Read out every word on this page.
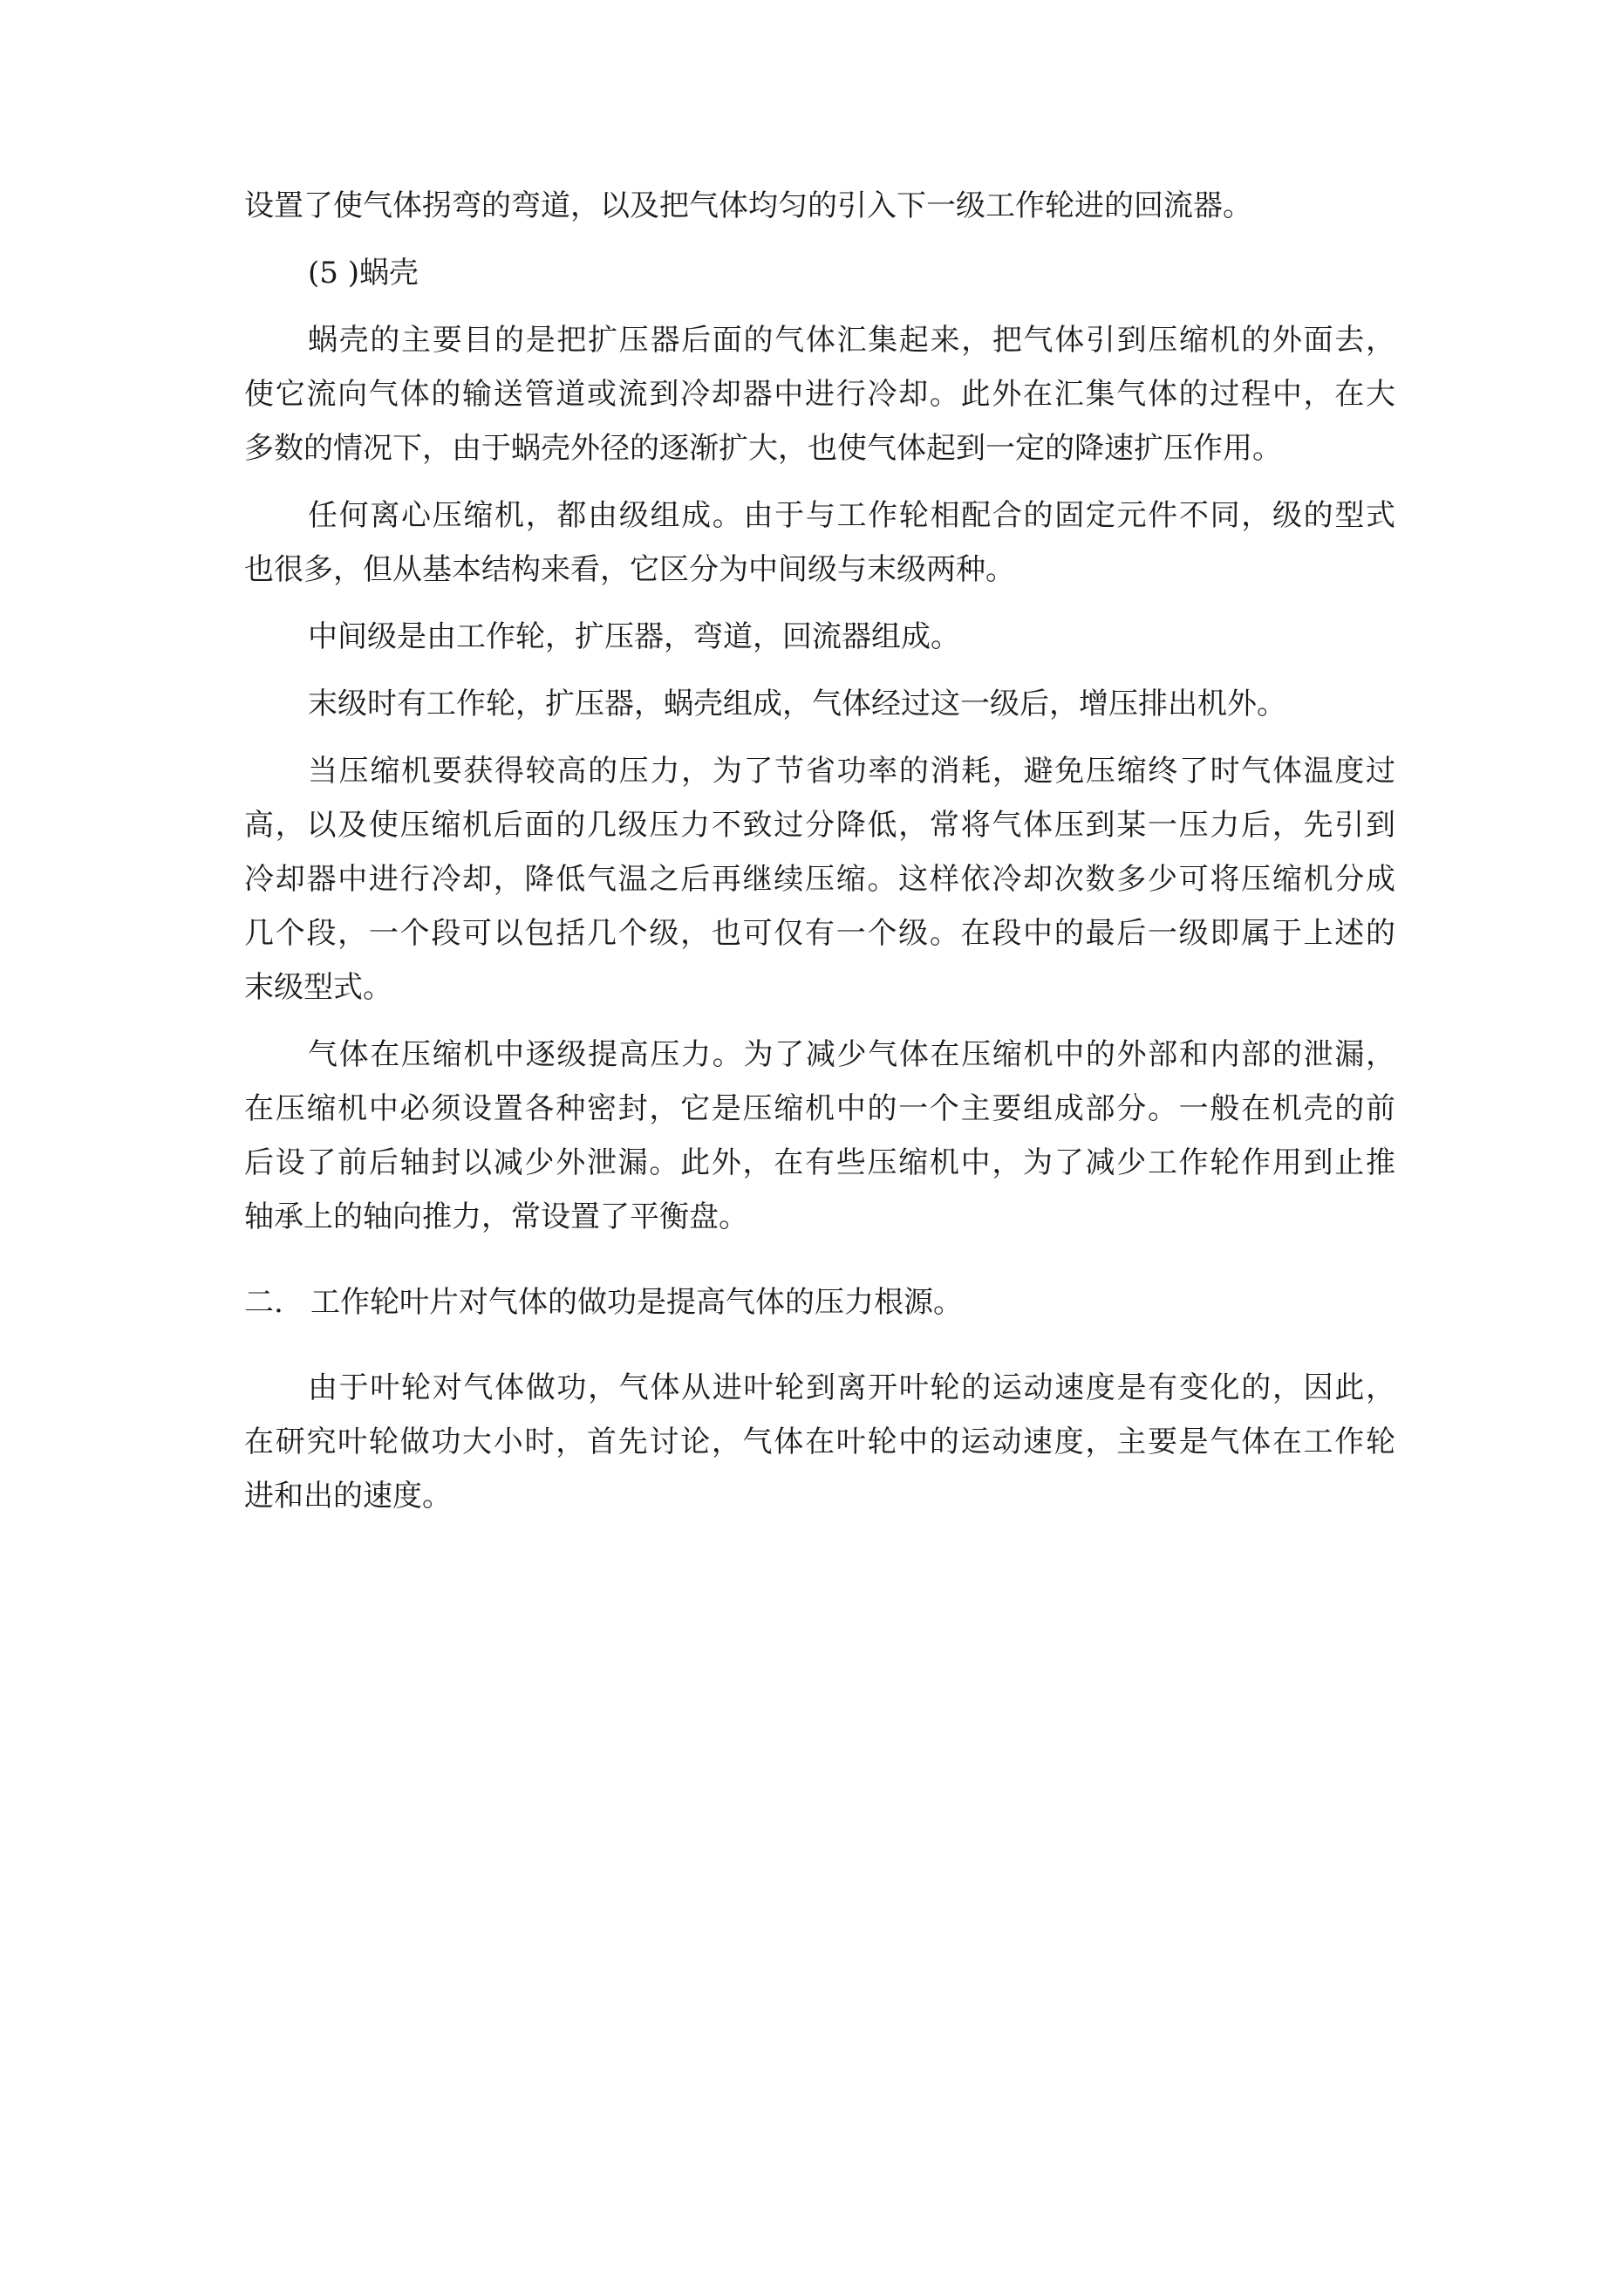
设置了使气体拐弯的弯道，以及把气体均匀的引入下一级工作轮进的回流器。
(5 )蜗壳
蜗壳的主要目的是把扩压器后面的气体汇集起来，把气体引到压缩机的外面去，
使它流向气体的输送管道或流到冷却器中进行冷却。此外在汇集气体的过程中，在大
多数的情况下，由于蜗壳外径的逐渐扩大，也使气体起到一定的降速扩压作用。
任何离心压缩机，都由级组成。由于与工作轮相配合的固定元件不同，级的型式
也很多，但从基本结构来看，它区分为中间级与末级两种。
中间级是由工作轮，扩压器，弯道，回流器组成。
末级时有工作轮，扩压器，蜗壳组成，气体经过这一级后，增压排出机外。
当压缩机要获得较高的压力，为了节省功率的消耗，避免压缩终了时气体温度过
高，以及使压缩机后面的几级压力不致过分降低，常将气体压到某一压力后，先引到
冷却器中进行冷却，降低气温之后再继续压缩。这样依冷却次数多少可将压缩机分成
几个段，一个段可以包括几个级，也可仅有一个级。在段中的最后一级即属于上述的
末级型式。
气体在压缩机中逐级提高压力。为了减少气体在压缩机中的外部和内部的泄漏，
在压缩机中必须设置各种密封，它是压缩机中的一个主要组成部分。一般在机壳的前
后设了前后轴封以减少外泄漏。此外，在有些压缩机中，为了减少工作轮作用到止推
轴承上的轴向推力，常设置了平衡盘。
二. 工作轮叶片对气体的做功是提高气体的压力根源。
由于叶轮对气体做功，气体从进叶轮到离开叶轮的运动速度是有变化的，因此，
在研究叶轮做功大小时，首先讨论，气体在叶轮中的运动速度，主要是气体在工作轮
进和出的速度。
